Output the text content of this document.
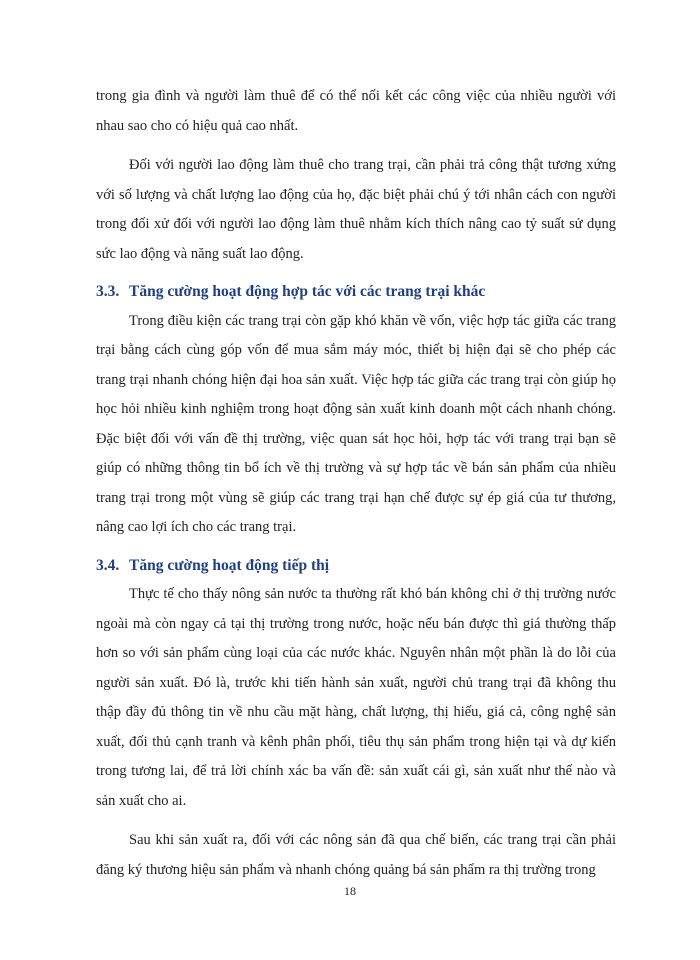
trong gia đình và người làm thuê để có thể nối kết các công việc của nhiều người với nhau sao cho có hiệu quả cao nhất.

Đối với người lao động làm thuê cho trang trại, cần phải trả công thật tương xứng với số lượng và chất lượng lao động của họ, đặc biệt phải chú ý tới nhân cách con người trong đối xử đối với người lao động làm thuê nhằm kích thích nâng cao tỷ suất sử dụng sức lao động và năng suất lao động.

3.3. Tăng cường hoạt động hợp tác với các trang trại khác

Trong điều kiện các trang trại còn gặp khó khăn về vốn, việc hợp tác giữa các trang trại bằng cách cùng góp vốn để mua sắm máy móc, thiết bị hiện đại sẽ cho phép các trang trại nhanh chóng hiện đại hoa sản xuất. Việc hợp tác giữa các trang trại còn giúp họ học hỏi nhiều kinh nghiệm trong hoạt động sản xuất kinh doanh một cách nhanh chóng. Đặc biệt đối với vấn đề thị trường, việc quan sát học hỏi, hợp tác với trang trại bạn sẽ giúp có những thông tin bổ ích về thị trường và sự hợp tác về bán sản phẩm của nhiều trang trại trong một vùng sẽ giúp các trang trại hạn chế được sự ép giá của tư thương, nâng cao lợi ích cho các trang trại.

3.4. Tăng cường hoạt động tiếp thị

Thực tế cho thấy nông sản nước ta thường rất khó bán không chỉ ở thị trường nước ngoài mà còn ngay cả tại thị trường trong nước, hoặc nếu bán được thì giá thường thấp hơn so với sản phẩm cùng loại của các nước khác. Nguyên nhân một phần là do lỗi của người sản xuất. Đó là, trước khi tiến hành sản xuất, người chủ trang trại đã không thu thập đầy đủ thông tin về nhu cầu mặt hàng, chất lượng, thị hiếu, giá cả, công nghệ sản xuất, đối thủ cạnh tranh và kênh phân phối, tiêu thụ sản phẩm trong hiện tại và dự kiến trong tương lai, để trả lời chính xác ba vấn đề: sản xuất cái gì, sản xuất như thế nào và sản xuất cho ai.

Sau khi sản xuất ra, đối với các nông sản đã qua chế biến, các trang trại cần phải đăng ký thương hiệu sản phẩm và nhanh chóng quảng bá sản phẩm ra thị trường trong

18
